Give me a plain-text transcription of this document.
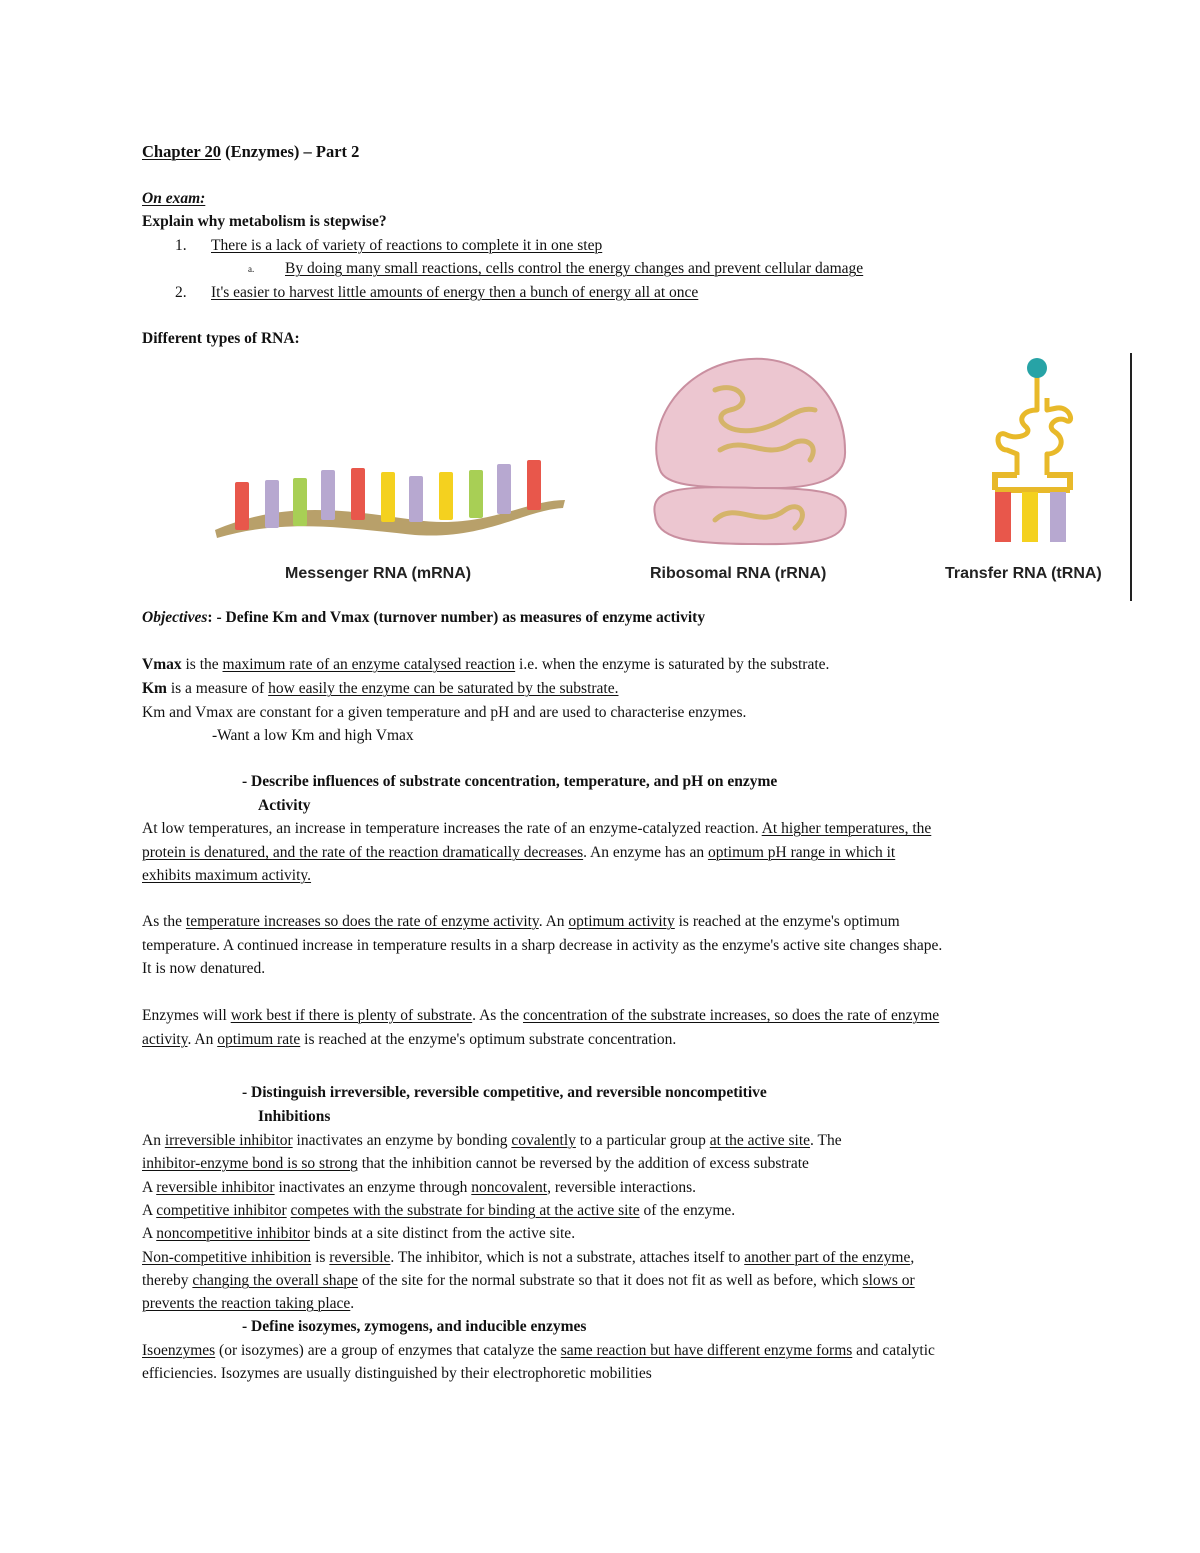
Chapter 20 (Enzymes) – Part 2
On exam:
Explain why metabolism is stepwise?
1. There is a lack of variety of reactions to complete it in one step
a. By doing many small reactions, cells control the energy changes and prevent cellular damage
2. It's easier to harvest little amounts of energy then a bunch of energy all at once
Different types of RNA:
Messenger RNA (mRNA)	Ribosomal RNA (rRNA)	Transfer RNA (tRNA)
Objectives: - Define Km and Vmax (turnover number) as measures of enzyme activity
Vmax is the maximum rate of an enzyme catalysed reaction i.e. when the enzyme is saturated by the substrate.
Km is a measure of how easily the enzyme can be saturated by the substrate.
Km and Vmax are constant for a given temperature and pH and are used to characterise enzymes.
-Want a low Km and high Vmax
- Describe influences of substrate concentration, temperature, and pH on enzyme
Activity
At low temperatures, an increase in temperature increases the rate of an enzyme-catalyzed reaction. At higher temperatures, the
protein is denatured, and the rate of the reaction dramatically decreases. An enzyme has an optimum pH range in which it
exhibits maximum activity.
As the temperature increases so does the rate of enzyme activity. An optimum activity is reached at the enzyme's optimum
temperature. A continued increase in temperature results in a sharp decrease in activity as the enzyme's active site changes shape.
It is now denatured.
Enzymes will work best if there is plenty of substrate. As the concentration of the substrate increases, so does the rate of enzyme
activity. An optimum rate is reached at the enzyme's optimum substrate concentration.
- Distinguish irreversible, reversible competitive, and reversible noncompetitive
Inhibitions
An irreversible inhibitor inactivates an enzyme by bonding covalently to a particular group at the active site. The
inhibitor-enzyme bond is so strong that the inhibition cannot be reversed by the addition of excess substrate
A reversible inhibitor inactivates an enzyme through noncovalent, reversible interactions.
A competitive inhibitor competes with the substrate for binding at the active site of the enzyme.
A noncompetitive inhibitor binds at a site distinct from the active site.
Non-competitive inhibition is reversible. The inhibitor, which is not a substrate, attaches itself to another part of the enzyme,
thereby changing the overall shape of the site for the normal substrate so that it does not fit as well as before, which slows or
prevents the reaction taking place.
- Define isozymes, zymogens, and inducible enzymes
Isoenzymes (or isozymes) are a group of enzymes that catalyze the same reaction but have different enzyme forms and catalytic
efficiencies. Isozymes are usually distinguished by their electrophoretic mobilities
